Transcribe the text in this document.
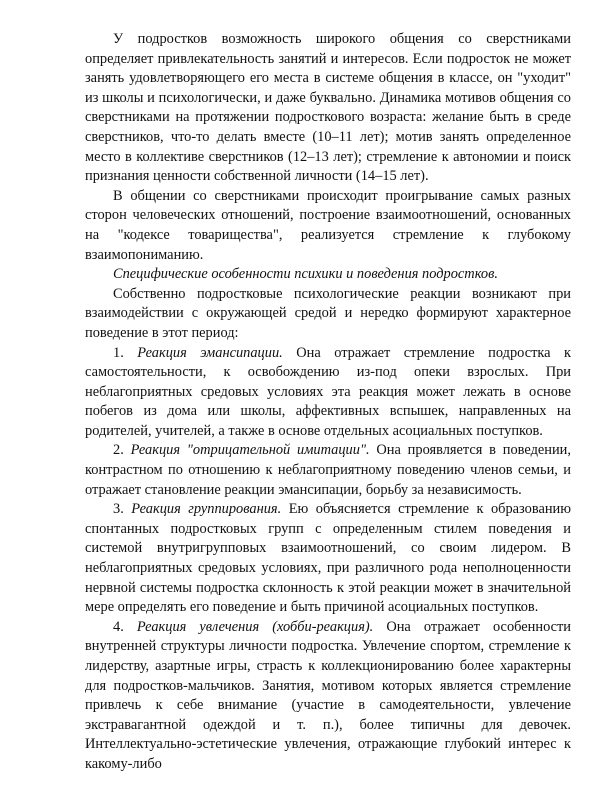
У подростков возможность широкого общения со сверстниками определяет привлекательность занятий и интересов. Если подросток не может занять удовлетворяющего его места в системе общения в классе, он "уходит" из школы и психологически, и даже буквально. Динамика мотивов общения со сверстниками на протяжении подросткового возраста: желание быть в среде сверстников, что-то делать вместе (10–11 лет); мотив занять определенное место в коллективе сверстников (12–13 лет); стремление к автономии и поиск признания ценности собственной личности (14–15 лет).

В общении со сверстниками происходит проигрывание самых разных сторон человеческих отношений, построение взаимоотношений, основанных на "кодексе товарищества", реализуется стремление к глубокому взаимопониманию.

Специфические особенности психики и поведения подростков.

Собственно подростковые психологические реакции возникают при взаимодействии с окружающей средой и нередко формируют характерное поведение в этот период:

1. Реакция эмансипации. Она отражает стремление подростка к самостоятельности, к освобождению из-под опеки взрослых. При неблагоприятных средовых условиях эта реакция может лежать в основе побегов из дома или школы, аффективных вспышек, направленных на родителей, учителей, а также в основе отдельных асоциальных поступков.

2. Реакция "отрицательной имитации". Она проявляется в поведении, контрастном по отношению к неблагоприятному поведению членов семьи, и отражает становление реакции эмансипации, борьбу за независимость.

3. Реакция группирования. Ею объясняется стремление к образованию спонтанных подростковых групп с определенным стилем поведения и системой внутригрупповых взаимоотношений, со своим лидером. В неблагоприятных средовых условиях, при различного рода неполноценности нервной системы подростка склонность к этой реакции может в значительной мере определять его поведение и быть причиной асоциальных поступков.

4. Реакция увлечения (хобби-реакция). Она отражает особенности внутренней структуры личности подростка. Увлечение спортом, стремление к лидерству, азартные игры, страсть к коллекционированию более характерны для подростков-мальчиков. Занятия, мотивом которых является стремление привлечь к себе внимание (участие в самодеятельности, увлечение экстравагантной одеждой и т. п.), более типичны для девочек. Интеллектуально-эстетические увлечения, отражающие глубокий интерес к какому-либо
